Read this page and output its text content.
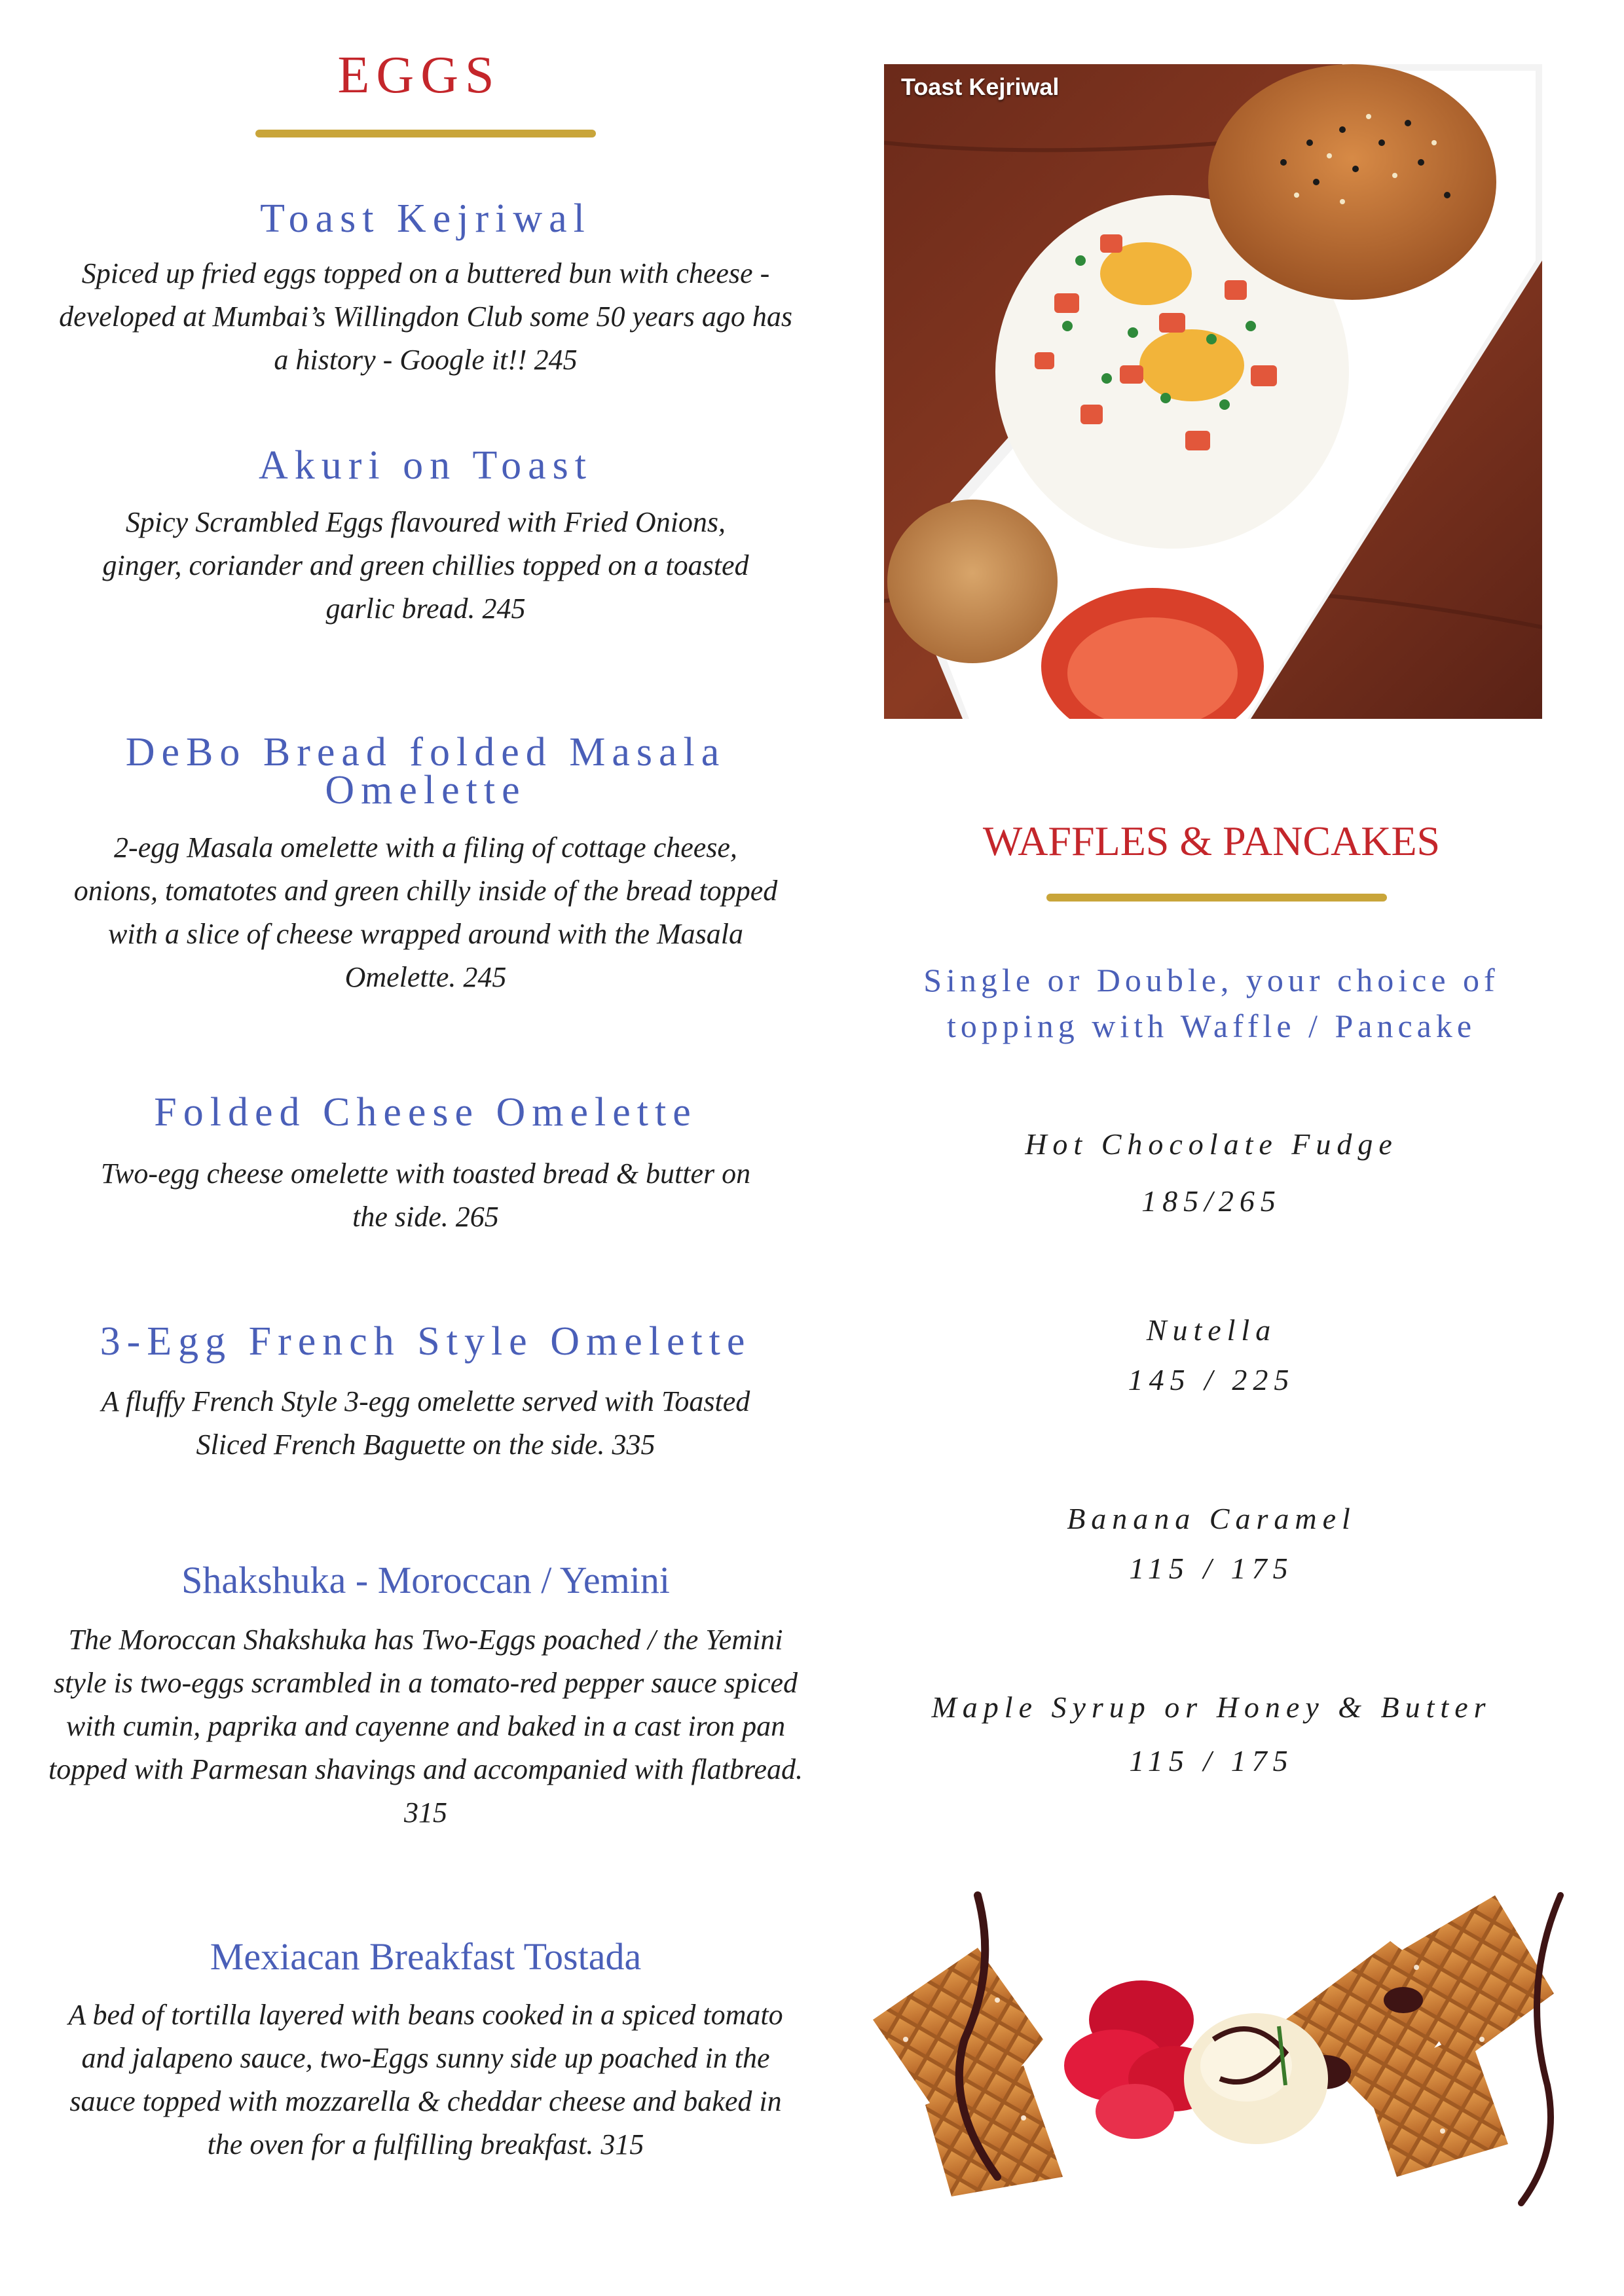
EGGS
Toast Kejriwal
Spiced up fried eggs topped on a buttered bun with cheese - developed at Mumbai’s Willingdon Club some 50 years ago has a history - Google it!! 245
Akuri on Toast
Spicy Scrambled Eggs flavoured with Fried Onions, ginger, coriander and green chillies topped on a toasted garlic bread. 245
DeBo Bread folded Masala Omelette
2-egg Masala omelette with a filing of cottage cheese, onions, tomatotes and green chilly inside of the bread topped with a slice of cheese wrapped around with the Masala Omelette. 245
Folded Cheese Omelette
Two-egg cheese omelette with toasted bread & butter on the side. 265
3-Egg French Style Omelette
A fluffy French Style 3-egg omelette served with Toasted Sliced French Baguette on the side. 335
Shakshuka - Moroccan / Yemini
The Moroccan Shakshuka has Two-Eggs poached / the Yemini style is two-eggs scrambled in a tomato-red pepper sauce spiced with cumin, paprika and cayenne and baked in a cast iron pan topped with Parmesan shavings and accompanied with flatbread. 315
Mexiacan Breakfast Tostada
A bed of tortilla layered with beans cooked in a spiced tomato and jalapeno sauce, two-Eggs sunny side up poached in the sauce topped with mozzarella & cheddar cheese and baked in the oven for a fulfilling breakfast. 315
Toast Kejriwal
WAFFLES & PANCAKES
Single or Double, your choice of topping with Waffle / Pancake
Hot Chocolate Fudge
185/265
Nutella
145 / 225
Banana Caramel
115 / 175
Maple Syrup or Honey & Butter
115 / 175
